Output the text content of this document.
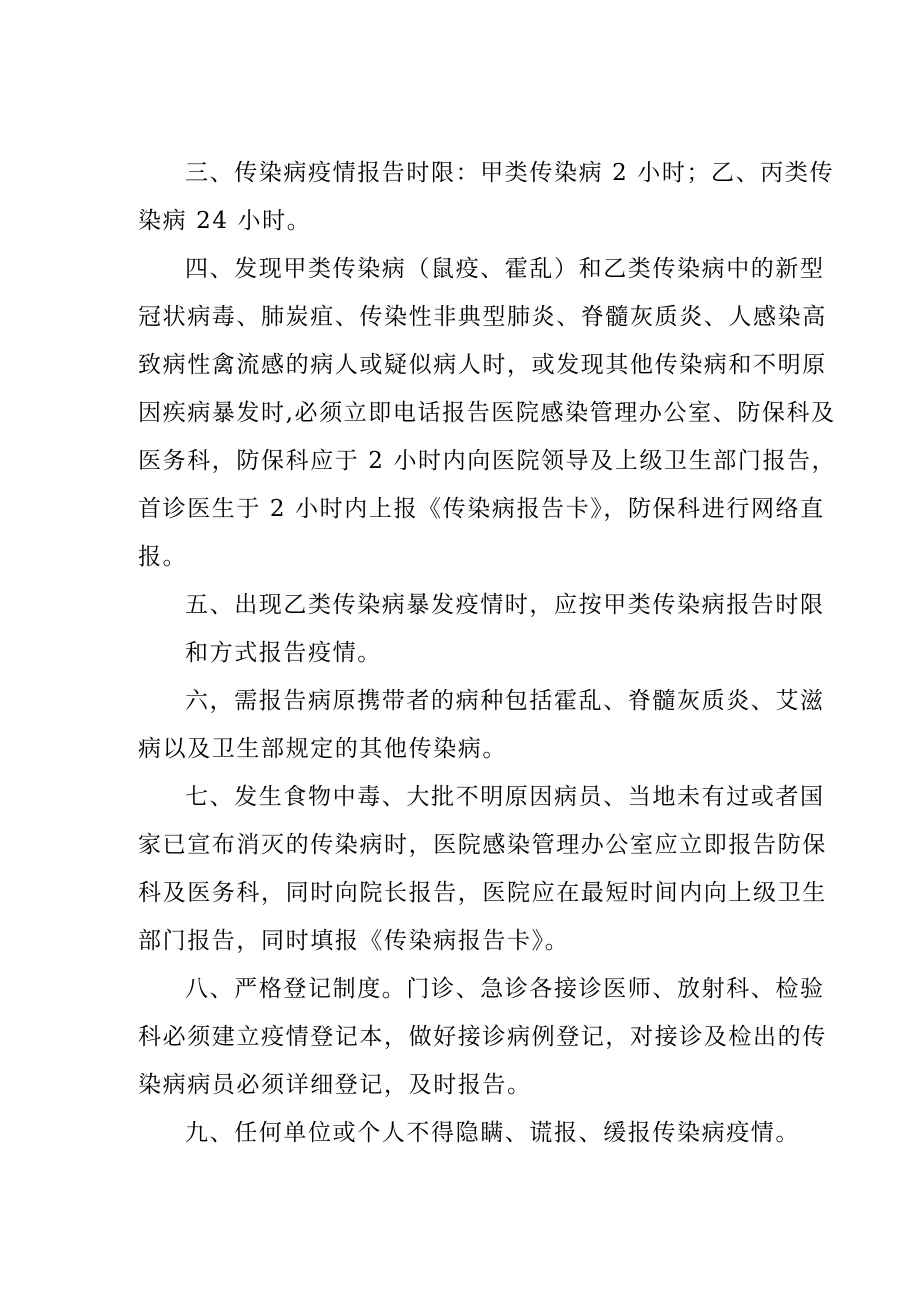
三、传染病疫情报告时限：甲类传染病 2 小时；乙、丙类传
染病 24 小时。
四、发现甲类传染病（鼠疫、霍乱）和乙类传染病中的新型
冠状病毒、肺炭疽、传染性非典型肺炎、脊髓灰质炎、人感染高
致病性禽流感的病人或疑似病人时，或发现其他传染病和不明原
因疾病暴发时,必须立即电话报告医院感染管理办公室、防保科及
医务科，防保科应于 2 小时内向医院领导及上级卫生部门报告，
首诊医生于 2 小时内上报《传染病报告卡》，防保科进行网络直
报。
五、出现乙类传染病暴发疫情时，应按甲类传染病报告时限
和方式报告疫情。
六，需报告病原携带者的病种包括霍乱、脊髓灰质炎、艾滋
病以及卫生部规定的其他传染病。
七、发生食物中毒、大批不明原因病员、当地未有过或者国
家已宣布消灭的传染病时，医院感染管理办公室应立即报告防保
科及医务科，同时向院长报告，医院应在最短时间内向上级卫生
部门报告，同时填报《传染病报告卡》。
八、严格登记制度。门诊、急诊各接诊医师、放射科、检验
科必须建立疫情登记本，做好接诊病例登记，对接诊及检出的传
染病病员必须详细登记，及时报告。
九、任何单位或个人不得隐瞒、谎报、缓报传染病疫情。
